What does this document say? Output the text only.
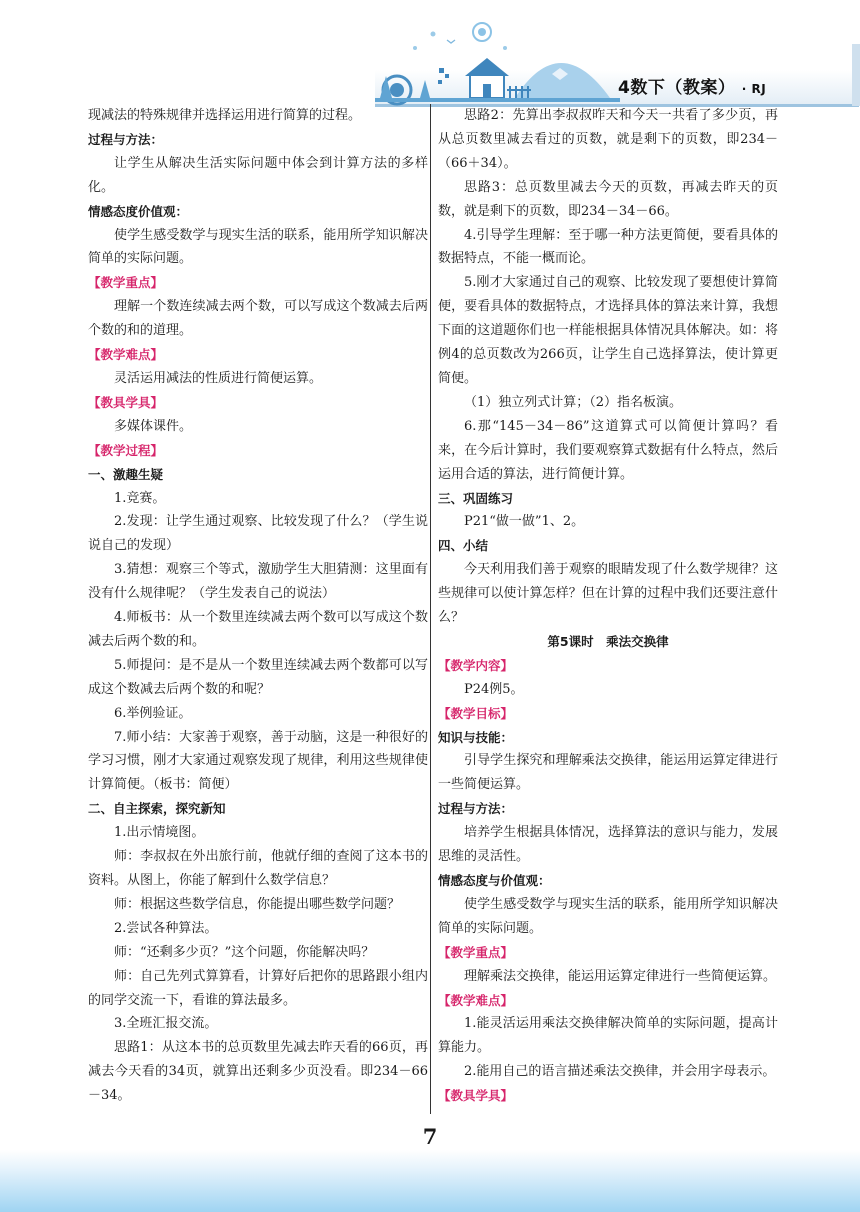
4数下（教案） · RJ

现减法的特殊规律并选择运用进行简算的过程。

过程与方法：

让学生从解决生活实际问题中体会到计算方法的多样化。

情感态度价值观：

使学生感受数学与现实生活的联系，能用所学知识解决简单的实际问题。

【教学重点】

理解一个数连续减去两个数，可以写成这个数减去后两个数的和的道理。

【教学难点】

灵活运用减法的性质进行简便运算。

【教具学具】

多媒体课件。

【教学过程】

一、激趣生疑

1.竞赛。

2.发现：让学生通过观察、比较发现了什么？（学生说说自己的发现）

3.猜想：观察三个等式，激励学生大胆猜测：这里面有没有什么规律呢？（学生发表自己的说法）

4.师板书：从一个数里连续减去两个数可以写成这个数减去后两个数的和。

5.师提问：是不是从一个数里连续减去两个数都可以写成这个数减去后两个数的和呢？

6.举例验证。

7.师小结：大家善于观察，善于动脑，这是一种很好的学习习惯，刚才大家通过观察发现了规律，利用这些规律使计算简便。（板书：简便）

二、自主探索，探究新知

1.出示情境图。

师：李叔叔在外出旅行前，他就仔细的查阅了这本书的资料。从图上，你能了解到什么数学信息？

师：根据这些数学信息，你能提出哪些数学问题？

2.尝试各种算法。

师：“还剩多少页？”这个问题，你能解决吗？

师：自己先列式算算看，计算好后把你的思路跟小组内的同学交流一下，看谁的算法最多。

3.全班汇报交流。

思路1：从这本书的总页数里先减去昨天看的66页，再减去今天看的34页，就算出还剩多少页没看。即234－66－34。

思路2：先算出李叔叔昨天和今天一共看了多少页，再从总页数里减去看过的页数，就是剩下的页数，即234－（66＋34）。

思路3：总页数里减去今天的页数，再减去昨天的页数，就是剩下的页数，即234－34－66。

4.引导学生理解：至于哪一种方法更简便，要看具体的数据特点，不能一概而论。

5.刚才大家通过自己的观察、比较发现了要想使计算简便，要看具体的数据特点，才选择具体的算法来计算，我想下面的这道题你们也一样能根据具体情况具体解决。如：将例4的总页数改为266页，让学生自己选择算法，使计算更简便。

（1）独立列式计算；（2）指名板演。

6.那“145－34－86”这道算式可以简便计算吗？看来，在今后计算时，我们要观察算式数据有什么特点，然后运用合适的算法，进行简便计算。

三、巩固练习

P21“做一做”1、2。

四、小结

今天利用我们善于观察的眼睛发现了什么数学规律？这些规律可以使计算怎样？但在计算的过程中我们还要注意什么？

第5课时　乘法交换律

【教学内容】

P24例5。

【教学目标】

知识与技能：

引导学生探究和理解乘法交换律，能运用运算定律进行一些简便运算。

过程与方法：

培养学生根据具体情况，选择算法的意识与能力，发展思维的灵活性。

情感态度与价值观：

使学生感受数学与现实生活的联系，能用所学知识解决简单的实际问题。

【教学重点】

理解乘法交换律，能运用运算定律进行一些简便运算。

【教学难点】

1.能灵活运用乘法交换律解决简单的实际问题，提高计算能力。

2.能用自己的语言描述乘法交换律，并会用字母表示。

【教具学具】

7
